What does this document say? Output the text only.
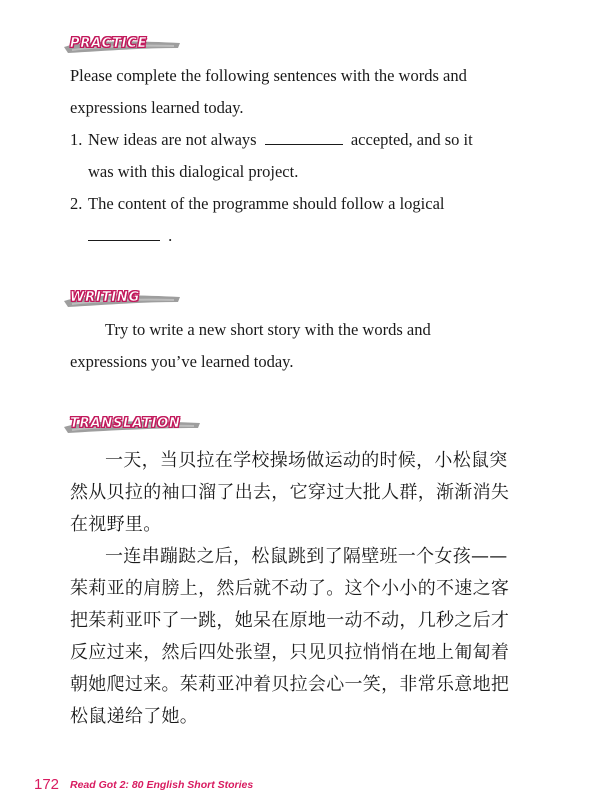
PRACTICE
Please complete the following sentences with the words and
expressions learned today.
1. New ideas are not always	accepted, and so it
was with this dialogical project.
2. The content of the programme should follow a logical
.
WRITING
Try to write a new short story with the words and
expressions you’ve learned today.
TRANSLATION
一天，当贝拉在学校操场做运动的时候，小松鼠突
然从贝拉的袖口溜了出去，它穿过大批人群，渐渐消失
在视野里。
一连串蹦跶之后，松鼠跳到了隔壁班一个女孩——
茱莉亚的肩膀上，然后就不动了。这个小小的不速之客
把茱莉亚吓了一跳，她呆在原地一动不动，几秒之后才
反应过来，然后四处张望，只见贝拉悄悄在地上匍匐着
朝她爬过来。茱莉亚冲着贝拉会心一笑，非常乐意地把
松鼠递给了她。
172 Read Got 2: 80 English Short Stories
